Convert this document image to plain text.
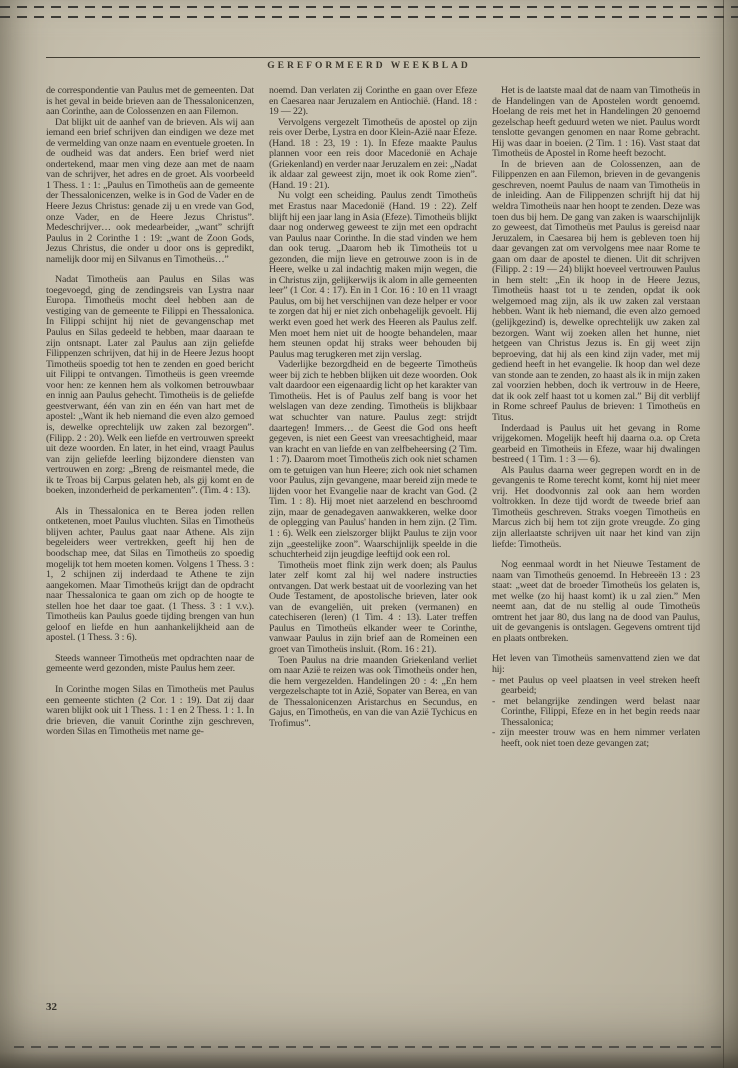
GEREFORMEERD WEEKBLAD

de correspondentie van Paulus met de gemeenten. Dat is het geval in beide brieven aan de Thessalonicenzen, aan Corinthe, aan de Colossenzen en aan Filemon.

Dat blijkt uit de aanhef van de brieven. Als wij aan iemand een brief schrijven dan eindigen we deze met de vermelding van onze naam en eventuele groeten. In de oudheid was dat anders. Een brief werd niet ondertekend, maar men ving deze aan met de naam van de schrijver, het adres en de groet. Als voorbeeld 1 Thess. 1 : 1: „Paulus en Timotheüs aan de gemeente der Thessalonicenzen, welke is in God de Vader en de Heere Jezus Christus: genade zij u en vrede van God, onze Vader, en de Heere Jezus Christus”. Medeschrijver… ook medearbeider, „want” schrijft Paulus in 2 Corinthe 1 : 19: „want de Zoon Gods, Jezus Christus, die onder u door ons is gepredikt, namelijk door mij en Silvanus en Timotheüs…”

Nadat Timotheüs aan Paulus en Silas was toegevoegd, ging de zendingsreis van Lystra naar Europa. Timotheüs mocht deel hebben aan de vestiging van de gemeente te Filippi en Thessalonica. In Filippi schijnt hij niet de gevangenschap met Paulus en Silas gedeeld te hebben, maar daaraan te zijn ontsnapt. Later zal Paulus aan zijn geliefde Filippenzen schrijven, dat hij in de Heere Jezus hoopt Timotheüs spoedig tot hen te zenden en goed bericht uit Filippi te ontvangen. Timotheüs is geen vreemde voor hen: ze kennen hem als volkomen betrouwbaar en innig aan Paulus gehecht. Timotheüs is de geliefde geestverwant, één van zin en één van hart met de apostel: „Want ik heb niemand die even alzo gemoed is, dewelke oprechtelijk uw zaken zal bezorgen”. (Filipp. 2 : 20). Welk een liefde en vertrouwen spreekt uit deze woorden. En later, in het eind, vraagt Paulus van zijn geliefde leerling bijzondere diensten van vertrouwen en zorg: „Breng de reismantel mede, die ik te Troas bij Carpus gelaten heb, als gij komt en de boeken, inzonderheid de perkamenten”. (Tim. 4 : 13).

Als in Thessalonica en te Berea joden rellen ontketenen, moet Paulus vluchten. Silas en Timotheüs blijven achter, Paulus gaat naar Athene. Als zijn begeleiders weer vertrekken, geeft hij hen de boodschap mee, dat Silas en Timotheüs zo spoedig mogelijk tot hem moeten komen. Volgens 1 Thess. 3 : 1, 2 schijnen zij inderdaad te Athene te zijn aangekomen. Maar Timotheüs krijgt dan de opdracht naar Thessalonica te gaan om zich op de hoogte te stellen hoe het daar toe gaat. (1 Thess. 3 : 1 v.v.). Timotheüs kan Paulus goede tijding brengen van hun geloof en liefde en hun aanhankelijkheid aan de apostel. (1 Thess. 3 : 6).

Steeds wanneer Timotheüs met opdrachten naar de gemeente werd gezonden, miste Paulus hem zeer.

In Corinthe mogen Silas en Timotheüs met Paulus een gemeente stichten (2 Cor. 1 : 19). Dat zij daar waren blijkt ook uit 1 Thess. 1 : 1 en 2 Thess. 1 : 1. In drie brieven, die vanuit Corinthe zijn geschreven, worden Silas en Timotheüs met name ge-

noemd. Dan verlaten zij Corinthe en gaan over Efeze en Caesarea naar Jeruzalem en Antiochië. (Hand. 18 : 19 — 22).

Vervolgens vergezelt Timotheüs de apostel op zijn reis over Derbe, Lystra en door Klein-Azië naar Efeze. (Hand. 18 : 23, 19 : 1). In Efeze maakte Paulus plannen voor een reis door Macedonië en Achaje (Griekenland) en verder naar Jeruzalem en zei: „Nadat ik aldaar zal geweest zijn, moet ik ook Rome zien”. (Hand. 19 : 21).

Nu volgt een scheiding. Paulus zendt Timotheüs met Erastus naar Macedonië (Hand. 19 : 22). Zelf blijft hij een jaar lang in Asia (Efeze). Timotheüs blijkt daar nog onderweg geweest te zijn met een opdracht van Paulus naar Corinthe. In die stad vinden we hem dan ook terug. „Daarom heb ik Timotheüs tot u gezonden, die mijn lieve en getrouwe zoon is in de Heere, welke u zal indachtig maken mijn wegen, die in Christus zijn, gelijkerwijs ik alom in alle gemeenten leer” (1 Cor. 4 : 17). En in 1 Cor. 16 : 10 en 11 vraagt Paulus, om bij het verschijnen van deze helper er voor te zorgen dat hij er niet zich onbehagelijk gevoelt. Hij werkt even goed het werk des Heeren als Paulus zelf. Men moet hem niet uit de hoogte behandelen, maar hem steunen opdat hij straks weer behouden bij Paulus mag terugkeren met zijn verslag.

Vaderlijke bezorgdheid en de begeerte Timotheüs weer bij zich te hebben blijken uit deze woorden. Ook valt daardoor een eigenaardig licht op het karakter van Timotheüs. Het is of Paulus zelf bang is voor het welslagen van deze zending. Timotheüs is blijkbaar wat schuchter van nature. Paulus zegt: strijdt daartegen! Immers… de Geest die God ons heeft gegeven, is niet een Geest van vreesachtigheid, maar van kracht en van liefde en van zelfbeheersing (2 Tim. 1 : 7). Daarom moet Timotheüs zich ook niet schamen om te getuigen van hun Heere; zich ook niet schamen voor Paulus, zijn gevangene, maar bereid zijn mede te lijden voor het Evangelie naar de kracht van God. (2 Tim. 1 : 8). Hij moet niet aarzelend en beschroomd zijn, maar de genadegaven aanwakkeren, welke door de oplegging van Paulus' handen in hem zijn. (2 Tim. 1 : 6). Welk een zielszorger blijkt Paulus te zijn voor zijn „geestelijke zoon”. Waarschijnlijk speelde in die schuchterheid zijn jeugdige leeftijd ook een rol.

Timotheüs moet flink zijn werk doen; als Paulus later zelf komt zal hij wel nadere instructies ontvangen. Dat werk bestaat uit de voorlezing van het Oude Testament, de apostolische brieven, later ook van de evangeliën, uit preken (vermanen) en catechiseren (leren) (1 Tim. 4 : 13). Later treffen Paulus en Timotheüs elkander weer te Corinthe, vanwaar Paulus in zijn brief aan de Romeinen een groet van Timotheüs insluit. (Rom. 16 : 21).

Toen Paulus na drie maanden Griekenland verliet om naar Azië te reizen was ook Timotheüs onder hen, die hem vergezelden. Handelingen 20 : 4: „En hem vergezelschapte tot in Azië, Sopater van Berea, en van de Thessalonicenzen Aristarchus en Secundus, en Gajus, en Timotheüs, en van die van Azië Tychicus en Trofimus”.

Het is de laatste maal dat de naam van Timotheüs in de Handelingen van de Apostelen wordt genoemd. Hoelang de reis met het in Handelingen 20 genoemd gezelschap heeft geduurd weten we niet. Paulus wordt tenslotte gevangen genomen en naar Rome gebracht. Hij was daar in boeien. (2 Tim. 1 : 16). Vast staat dat Timotheüs de Apostel in Rome heeft bezocht.

In de brieven aan de Colossenzen, aan de Filippenzen en aan Filemon, brieven in de gevangenis geschreven, noemt Paulus de naam van Timotheüs in de inleiding. Aan de Filippenzen schrijft hij dat hij weldra Timotheüs naar hen hoopt te zenden. Deze was toen dus bij hem. De gang van zaken is waarschijnlijk zo geweest, dat Timotheüs met Paulus is gereisd naar Jeruzalem, in Caesarea bij hem is gebleven toen hij daar gevangen zat om vervolgens mee naar Rome te gaan om daar de apostel te dienen. Uit dit schrijven (Filipp. 2 : 19 — 24) blijkt hoeveel vertrouwen Paulus in hem stelt: „En ik hoop in de Heere Jezus, Timotheüs haast tot u te zenden, opdat ik ook welgemoed mag zijn, als ik uw zaken zal verstaan hebben. Want ik heb niemand, die even alzo gemoed (gelijkgezind) is, dewelke oprechtelijk uw zaken zal bezorgen. Want wij zoeken allen het hunne, niet hetgeen van Christus Jezus is. En gij weet zijn beproeving, dat hij als een kind zijn vader, met mij gediend heeft in het evangelie. Ik hoop dan wel deze van stonde aan te zenden, zo haast als ik in mijn zaken zal voorzien hebben, doch ik vertrouw in de Heere, dat ik ook zelf haast tot u komen zal.” Bij dit verblijf in Rome schreef Paulus de brieven: 1 Timotheüs en Titus.

Inderdaad is Paulus uit het gevang in Rome vrijgekomen. Mogelijk heeft hij daarna o.a. op Creta gearbeid en Timotheüs in Efeze, waar hij dwalingen bestreed ( 1 Tim. 1 : 3 — 6).

Als Paulus daarna weer gegrepen wordt en in de gevangenis te Rome terecht komt, komt hij niet meer vrij. Het doodvonnis zal ook aan hem worden voltrokken. In deze tijd wordt de tweede brief aan Timotheüs geschreven. Straks voegen Timotheüs en Marcus zich bij hem tot zijn grote vreugde. Zo ging zijn allerlaatste schrijven uit naar het kind van zijn liefde: Timotheüs.

Nog eenmaal wordt in het Nieuwe Testament de naam van Timotheüs genoemd. In Hebreeën 13 : 23 staat: „weet dat de broeder Timotheüs los gelaten is, met welke (zo hij haast komt) ik u zal zien.” Men neemt aan, dat de nu stellig al oude Timotheüs omtrent het jaar 80, dus lang na de dood van Paulus, uit de gevangenis is ontslagen. Gegevens omtrent tijd en plaats ontbreken.

Het leven van Timotheüs samenvattend zien we dat hij:

- met Paulus op veel plaatsen in veel streken heeft gearbeid;

- met belangrijke zendingen werd belast naar Corinthe, Filippi, Efeze en in het begin reeds naar Thessalonica;

- zijn meester trouw was en hem nimmer verlaten heeft, ook niet toen deze gevangen zat;

32
